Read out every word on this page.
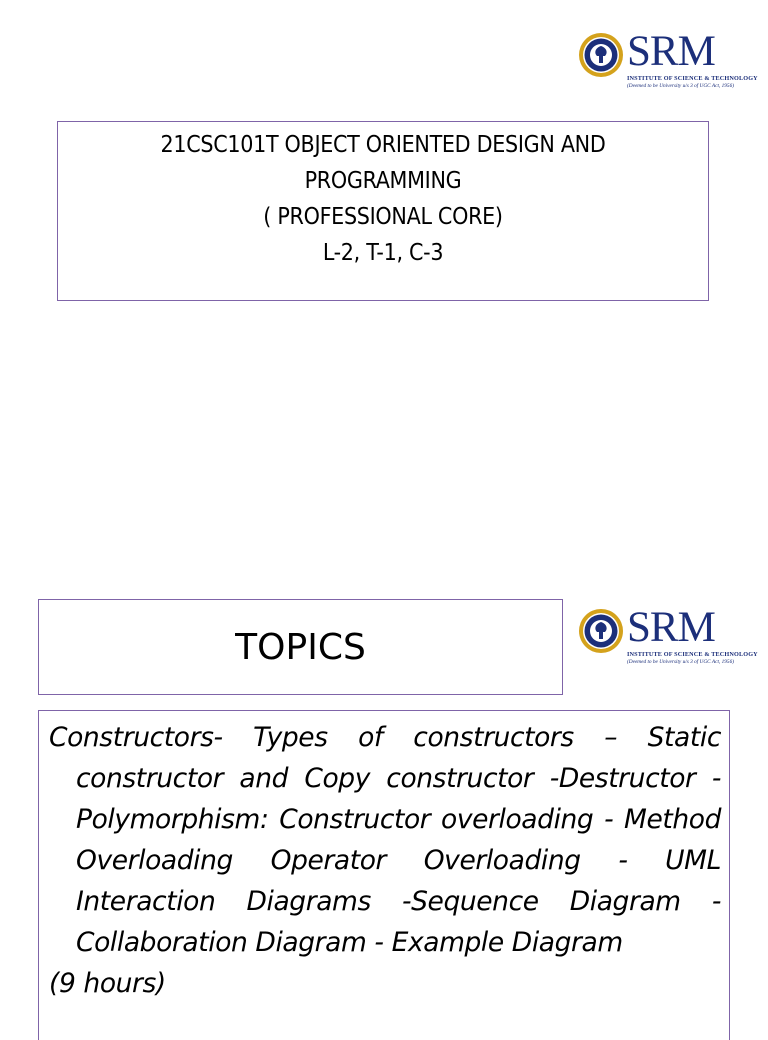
SRM
INSTITUTE OF SCIENCE & TECHNOLOGY
(Deemed to be University u/s 3 of UGC Act, 1956)
21CSC101T OBJECT ORIENTED DESIGN AND
PROGRAMMING
( PROFESSIONAL CORE)
L-2, T-1, C-3
SRM
INSTITUTE OF SCIENCE & TECHNOLOGY
(Deemed to be University u/s 3 of UGC Act, 1956)
TOPICS

Constructors- Types of constructors – Static constructor and Copy constructor -Destructor - Polymorphism: Constructor overloading - Method Overloading Operator Overloading - UML Interaction Diagrams -Sequence Diagram - Collaboration Diagram - Example Diagram
(9 hours)
